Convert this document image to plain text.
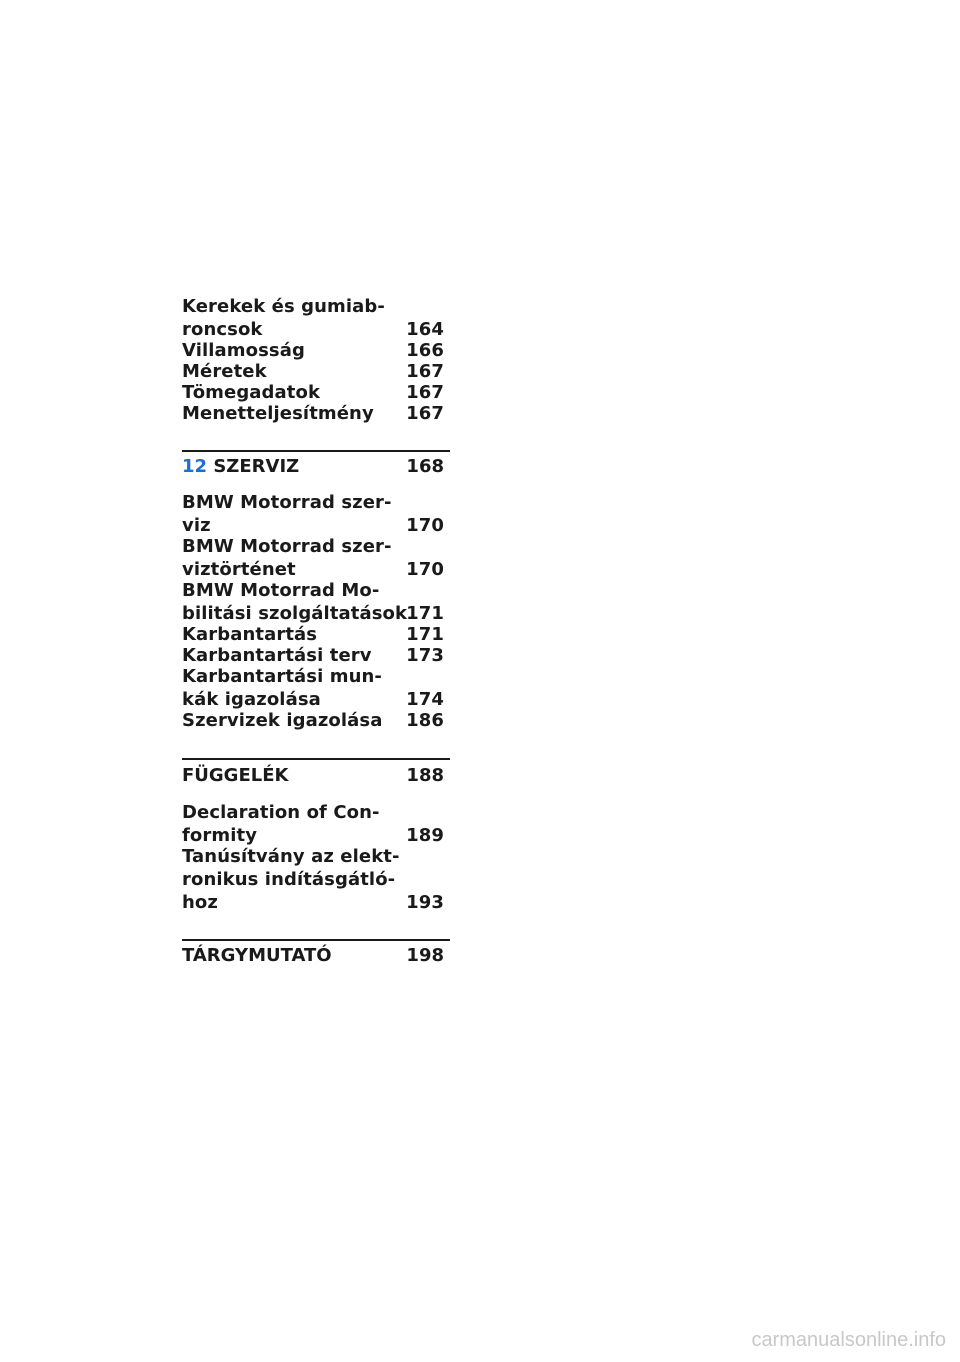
Kerekek és gumiab-
roncsok	164
Villamosság	166
Méretek	167
Tömegadatok	167
Menetteljesítmény	167
12 SZERVIZ	168
BMW Motorrad szer-
viz	170
BMW Motorrad szer-
viztörténet	170
BMW Motorrad Mo-
bilitási szolgáltatások 171
Karbantartás	171
Karbantartási terv	173
Karbantartási mun-
kák igazolása	174
Szervizek igazolása	186
FÜGGELÉK	188
Declaration of Con-
formity	189
Tanúsítvány az elekt-
ronikus indításgátló-
hoz	193
TÁRGYMUTATÓ	198
carmanualsonline.info
